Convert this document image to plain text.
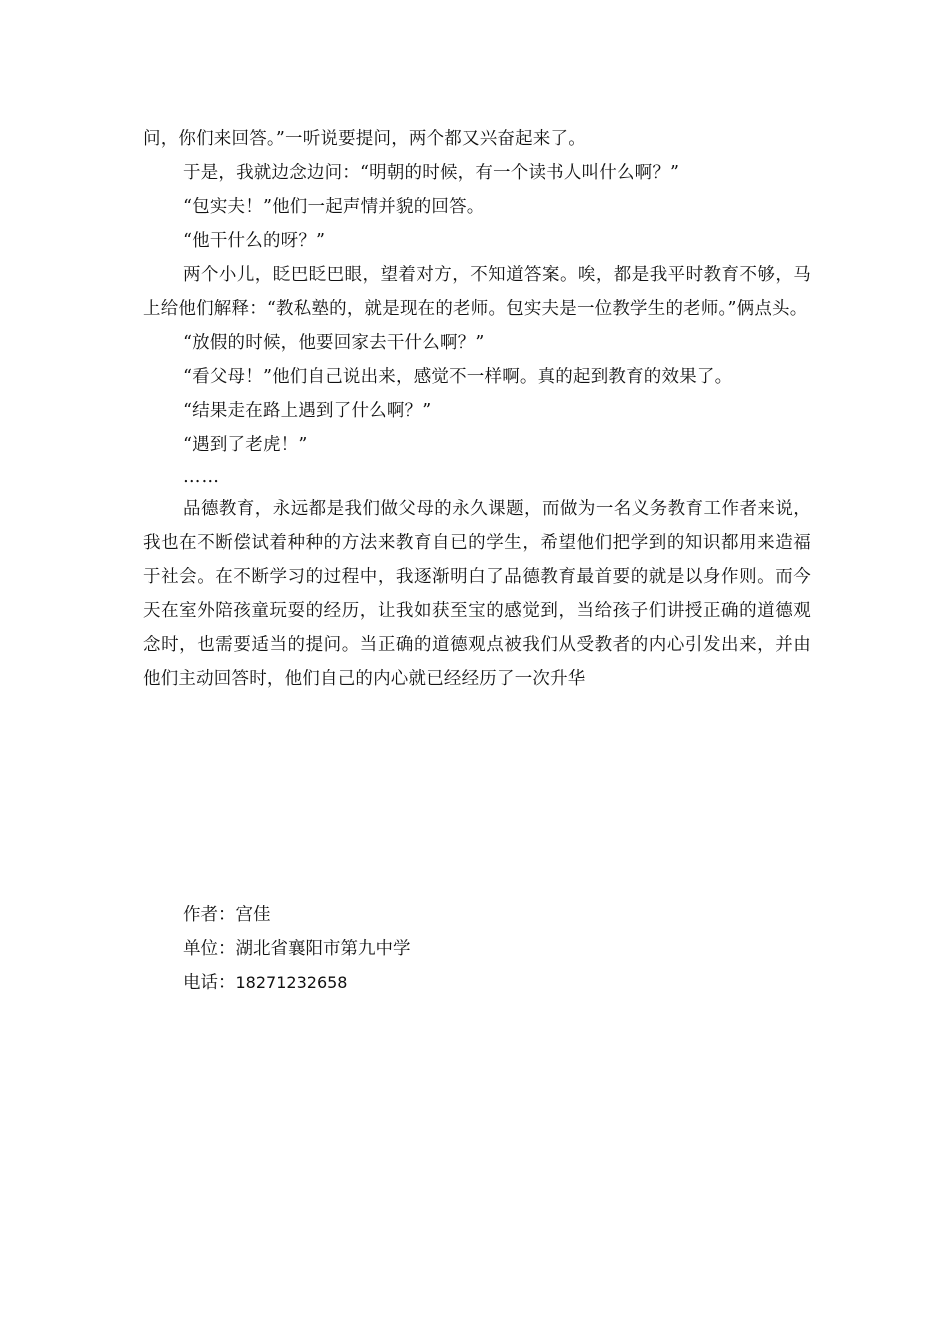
问，你们来回答。”一听说要提问，两个都又兴奋起来了。

于是，我就边念边问：“明朝的时候，有一个读书人叫什么啊？”

“包实夫！”他们一起声情并貌的回答。

“他干什么的呀？”

两个小儿，眨巴眨巴眼，望着对方，不知道答案。唉，都是我平时教育不够，马上给他们解释：“教私塾的，就是现在的老师。包实夫是一位教学生的老师。”俩点头。

“放假的时候，他要回家去干什么啊？”

“看父母！”他们自己说出来，感觉不一样啊。真的起到教育的效果了。

“结果走在路上遇到了什么啊？”

“遇到了老虎！”

……

品德教育，永远都是我们做父母的永久课题，而做为一名义务教育工作者来说，我也在不断偿试着种种的方法来教育自已的学生，希望他们把学到的知识都用来造福于社会。在不断学习的过程中，我逐渐明白了品德教育最首要的就是以身作则。而今天在室外陪孩童玩耍的经历，让我如获至宝的感觉到，当给孩子们讲授正确的道德观念时，也需要适当的提问。当正确的道德观点被我们从受教者的内心引发出来，并由他们主动回答时，他们自己的内心就已经经历了一次升华

作者：宫佳

单位：湖北省襄阳市第九中学

电话：18271232658
